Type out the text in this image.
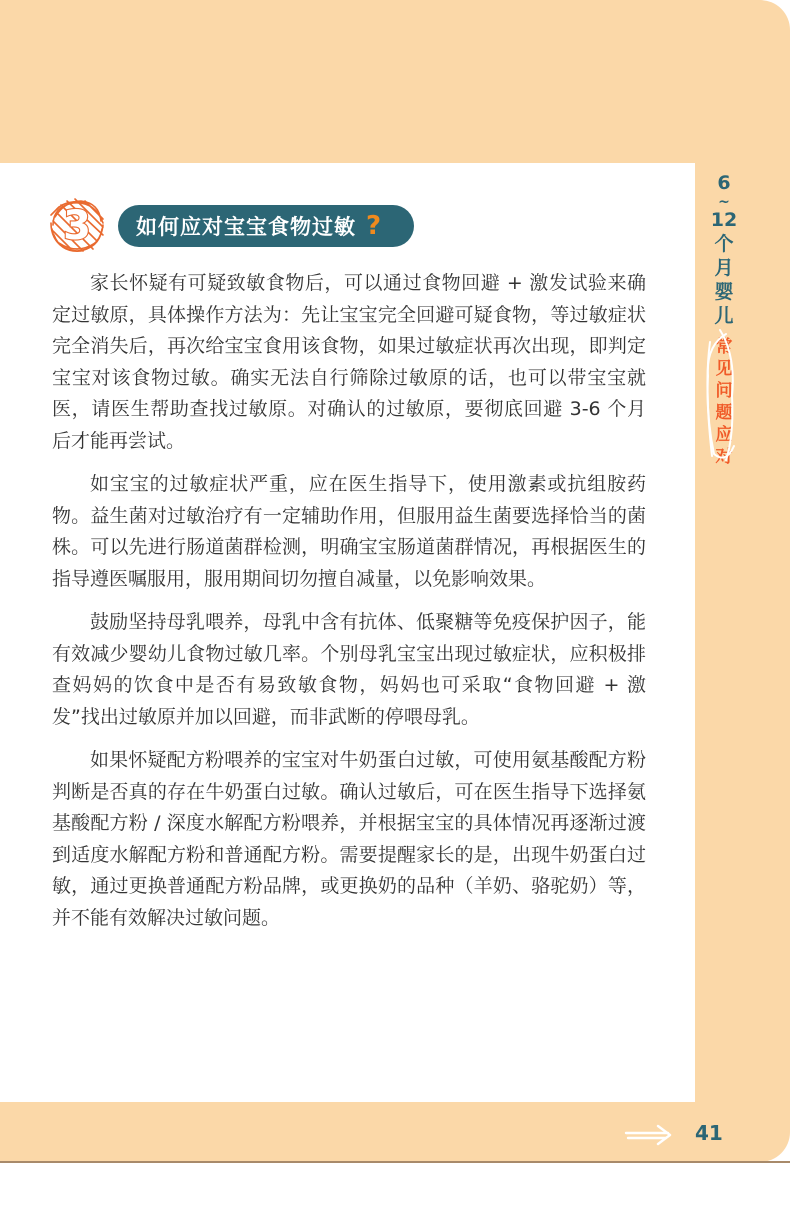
3 如何应对宝宝食物过敏 ?

家长怀疑有可疑致敏食物后，可以通过食物回避 + 激发试验来确定过敏原，具体操作方法为：先让宝宝完全回避可疑食物，等过敏症状完全消失后，再次给宝宝食用该食物，如果过敏症状再次出现，即判定宝宝对该食物过敏。确实无法自行筛除过敏原的话，也可以带宝宝就医，请医生帮助查找过敏原。对确认的过敏原，要彻底回避 3-6 个月后才能再尝试。

如宝宝的过敏症状严重，应在医生指导下，使用激素或抗组胺药物。益生菌对过敏治疗有一定辅助作用，但服用益生菌要选择恰当的菌株。可以先进行肠道菌群检测，明确宝宝肠道菌群情况，再根据医生的指导遵医嘱服用，服用期间切勿擅自减量，以免影响效果。

鼓励坚持母乳喂养，母乳中含有抗体、低聚糖等免疫保护因子，能有效减少婴幼儿食物过敏几率。个别母乳宝宝出现过敏症状，应积极排查妈妈的饮食中是否有易致敏食物，妈妈也可采取“食物回避 + 激发”找出过敏原并加以回避，而非武断的停喂母乳。

如果怀疑配方粉喂养的宝宝对牛奶蛋白过敏，可使用氨基酸配方粉判断是否真的存在牛奶蛋白过敏。确认过敏后，可在医生指导下选择氨基酸配方粉 / 深度水解配方粉喂养，并根据宝宝的具体情况再逐渐过渡到适度水解配方粉和普通配方粉。需要提醒家长的是，出现牛奶蛋白过敏，通过更换普通配方粉品牌，或更换奶的品种（羊奶、骆驼奶）等，并不能有效解决过敏问题。

6
~
12
个
月
婴
儿
常
见
问
题
应
对
41
